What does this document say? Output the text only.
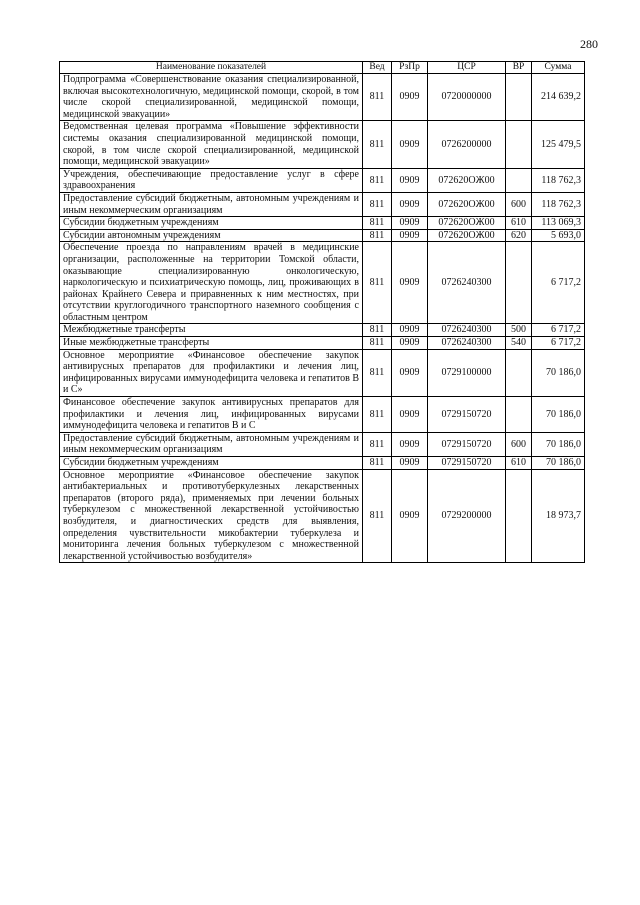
280
Наименование показателей	Вед	РзПр	ЦСР	ВР	Сумма
Подпрограмма «Совершенствование оказания специализированной, включая высокотехнологичную, медицинской помощи, скорой, в том числе скорой специализированной, медицинской помощи, медицинской эвакуации»	811	0909	0720000000		214 639,2
Ведомственная целевая программа «Повышение эффективности системы оказания специализированной медицинской помощи, скорой, в том числе скорой специализированной, медицинской помощи, медицинской эвакуации»	811	0909	0726200000		125 479,5
Учреждения, обеспечивающие предоставление услуг в сфере здравоохранения	811	0909	072620OЖ00		118 762,3
Предоставление субсидий бюджетным, автономным учреждениям и иным некоммерческим организациям	811	0909	072620OЖ00	600	118 762,3
Субсидии бюджетным учреждениям	811	0909	072620OЖ00	610	113 069,3
Субсидии автономным учреждениям	811	0909	072620OЖ00	620	5 693,0
Обеспечение проезда по направлениям врачей в медицинские организации, расположенные на территории Томской области, оказывающие специализированную онкологическую, наркологическую и психиатрическую помощь, лиц, проживающих в районах Крайнего Севера и приравненных к ним местностях, при отсутствии круглогодичного транспортного наземного сообщения с областным центром	811	0909	0726240300		6 717,2
Межбюджетные трансферты	811	0909	0726240300	500	6 717,2
Иные межбюджетные трансферты	811	0909	0726240300	540	6 717,2
Основное мероприятие «Финансовое обеспечение закупок антивирусных препаратов для профилактики и лечения лиц, инфицированных вирусами иммунодефицита человека и гепатитов B и C»	811	0909	0729100000		70 186,0
Финансовое обеспечение закупок антивирусных препаратов для профилактики и лечения лиц, инфицированных вирусами иммунодефицита человека и гепатитов B и C	811	0909	0729150720		70 186,0
Предоставление субсидий бюджетным, автономным учреждениям и иным некоммерческим организациям	811	0909	0729150720	600	70 186,0
Субсидии бюджетным учреждениям	811	0909	0729150720	610	70 186,0
Основное мероприятие «Финансовое обеспечение закупок антибактериальных и противотуберкулезных лекарственных препаратов (второго ряда), применяемых при лечении больных туберкулезом с множественной лекарственной устойчивостью возбудителя, и диагностических средств для выявления, определения чувствительности микобактерии туберкулеза и мониторинга лечения больных туберкулезом с множественной лекарственной устойчивостью возбудителя»	811	0909	0729200000		18 973,7
